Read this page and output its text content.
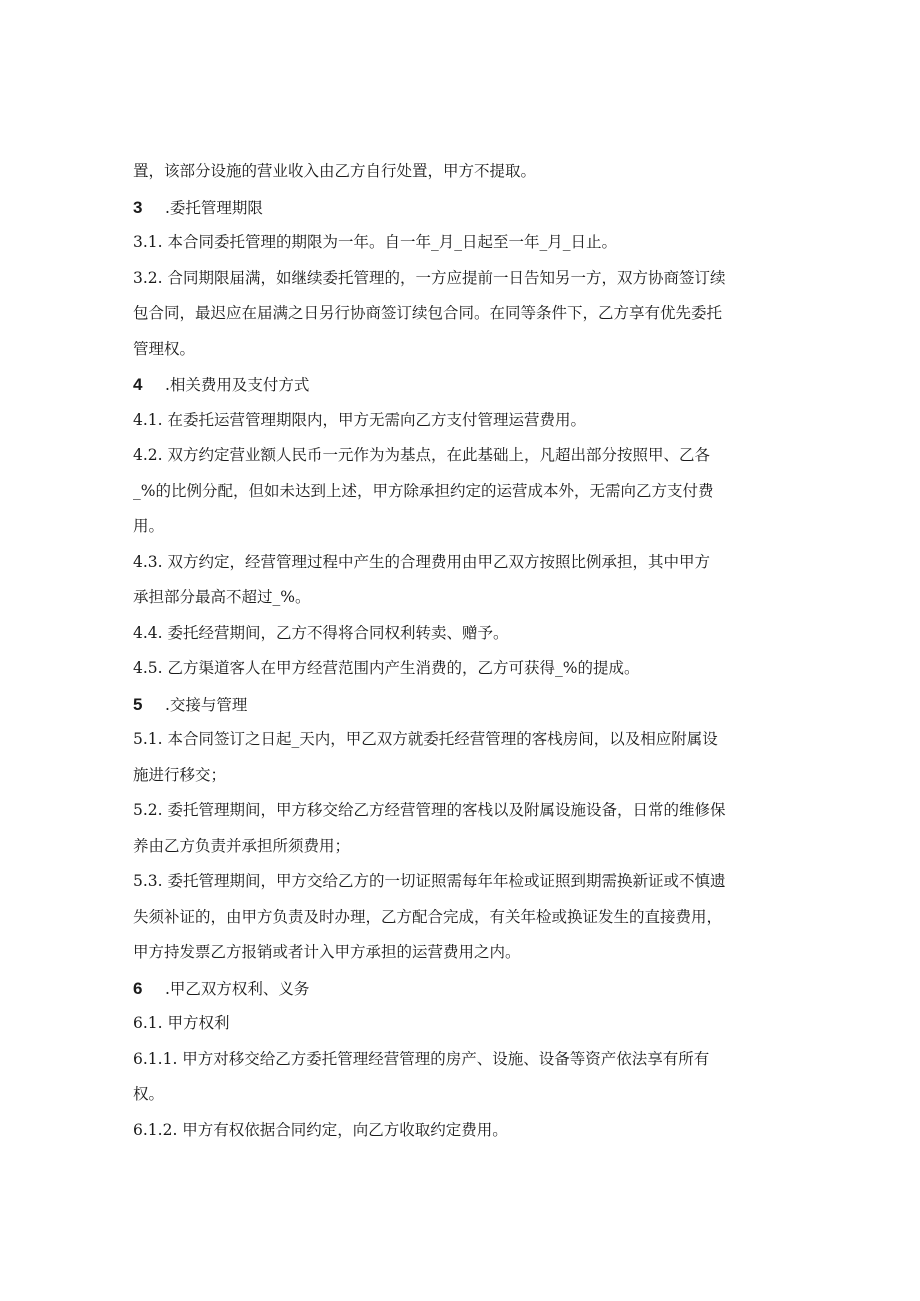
置，该部分设施的营业收入由乙方自行处置，甲方不提取。
3 .委托管理期限
3.1. 本合同委托管理的期限为一年。自一年_月_日起至一年_月_日止。
3.2. 合同期限届满，如继续委托管理的，一方应提前一日告知另一方，双方协商签订续
包合同，最迟应在届满之日另行协商签订续包合同。在同等条件下，乙方享有优先委托
管理权。
4 .相关费用及支付方式
4.1. 在委托运营管理期限内，甲方无需向乙方支付管理运营费用。
4.2. 双方约定营业额人民币一元作为为基点，在此基础上，凡超出部分按照甲、乙各
_%的比例分配，但如未达到上述，甲方除承担约定的运营成本外，无需向乙方支付费
用。
4.3. 双方约定，经营管理过程中产生的合理费用由甲乙双方按照比例承担，其中甲方
承担部分最高不超过_%。
4.4. 委托经营期间，乙方不得将合同权利转卖、赠予。
4.5. 乙方渠道客人在甲方经营范围内产生消费的，乙方可获得_%的提成。
5 .交接与管理
5.1. 本合同签订之日起_天内，甲乙双方就委托经营管理的客栈房间，以及相应附属设
施进行移交；
5.2. 委托管理期间，甲方移交给乙方经营管理的客栈以及附属设施设备，日常的维修保
养由乙方负责并承担所须费用；
5.3. 委托管理期间，甲方交给乙方的一切证照需每年年检或证照到期需换新证或不慎遗
失须补证的，由甲方负责及时办理，乙方配合完成，有关年检或换证发生的直接费用，
甲方持发票乙方报销或者计入甲方承担的运营费用之内。
6 .甲乙双方权利、义务
6.1. 甲方权利
6.1.1. 甲方对移交给乙方委托管理经营管理的房产、设施、设备等资产依法享有所有
权。
6.1.2. 甲方有权依据合同约定，向乙方收取约定费用。
